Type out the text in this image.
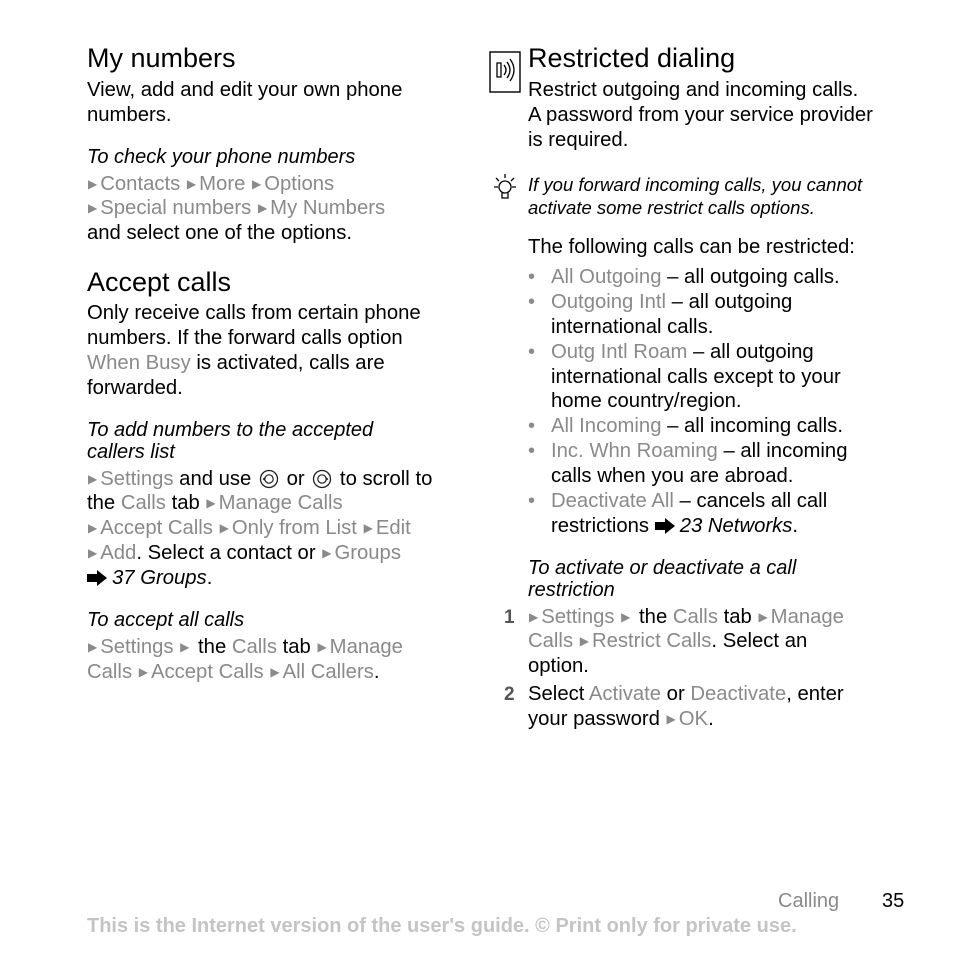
My numbers

View, add and edit your own phone

numbers.

To check your phone numbers

▶ Contacts ▶ More ▶ Options

▶ Special numbers ▶ My Numbers

and select one of the options.

Accept calls

Only receive calls from certain phone

numbers. If the forward calls option

When Busy is activated, calls are

forwarded.

To add numbers to the accepted

callers list

▶ Settings and use  or  to scroll to

the Calls tab ▶ Manage Calls

▶ Accept Calls ▶ Only from List ▶ Edit

▶ Add. Select a contact or ▶ Groups

37 Groups.

To accept all calls

▶ Settings ▶ the Calls tab ▶ Manage

Calls ▶ Accept Calls ▶ All Callers.

Restricted dialing

Restrict outgoing and incoming calls.

A password from your service provider

is required.

If you forward incoming calls, you cannot

activate some restrict calls options.

The following calls can be restricted:

• All Outgoing – all outgoing calls.
• Outgoing Intl – all outgoing
international calls.
• Outg Intl Roam – all outgoing
international calls except to your
home country/region.
• All Incoming – all incoming calls.
• Inc. Whn Roaming – all incoming
calls when you are abroad.
• Deactivate All – cancels all call
restrictions 23 Networks.

To activate or deactivate a call

restriction

1 ▶ Settings ▶ the Calls tab ▶ Manage

Calls ▶ Restrict Calls. Select an

option.

2 Select Activate or Deactivate, enter

your password ▶ OK.

Calling 35
This is the Internet version of the user's guide. © Print only for private use.
